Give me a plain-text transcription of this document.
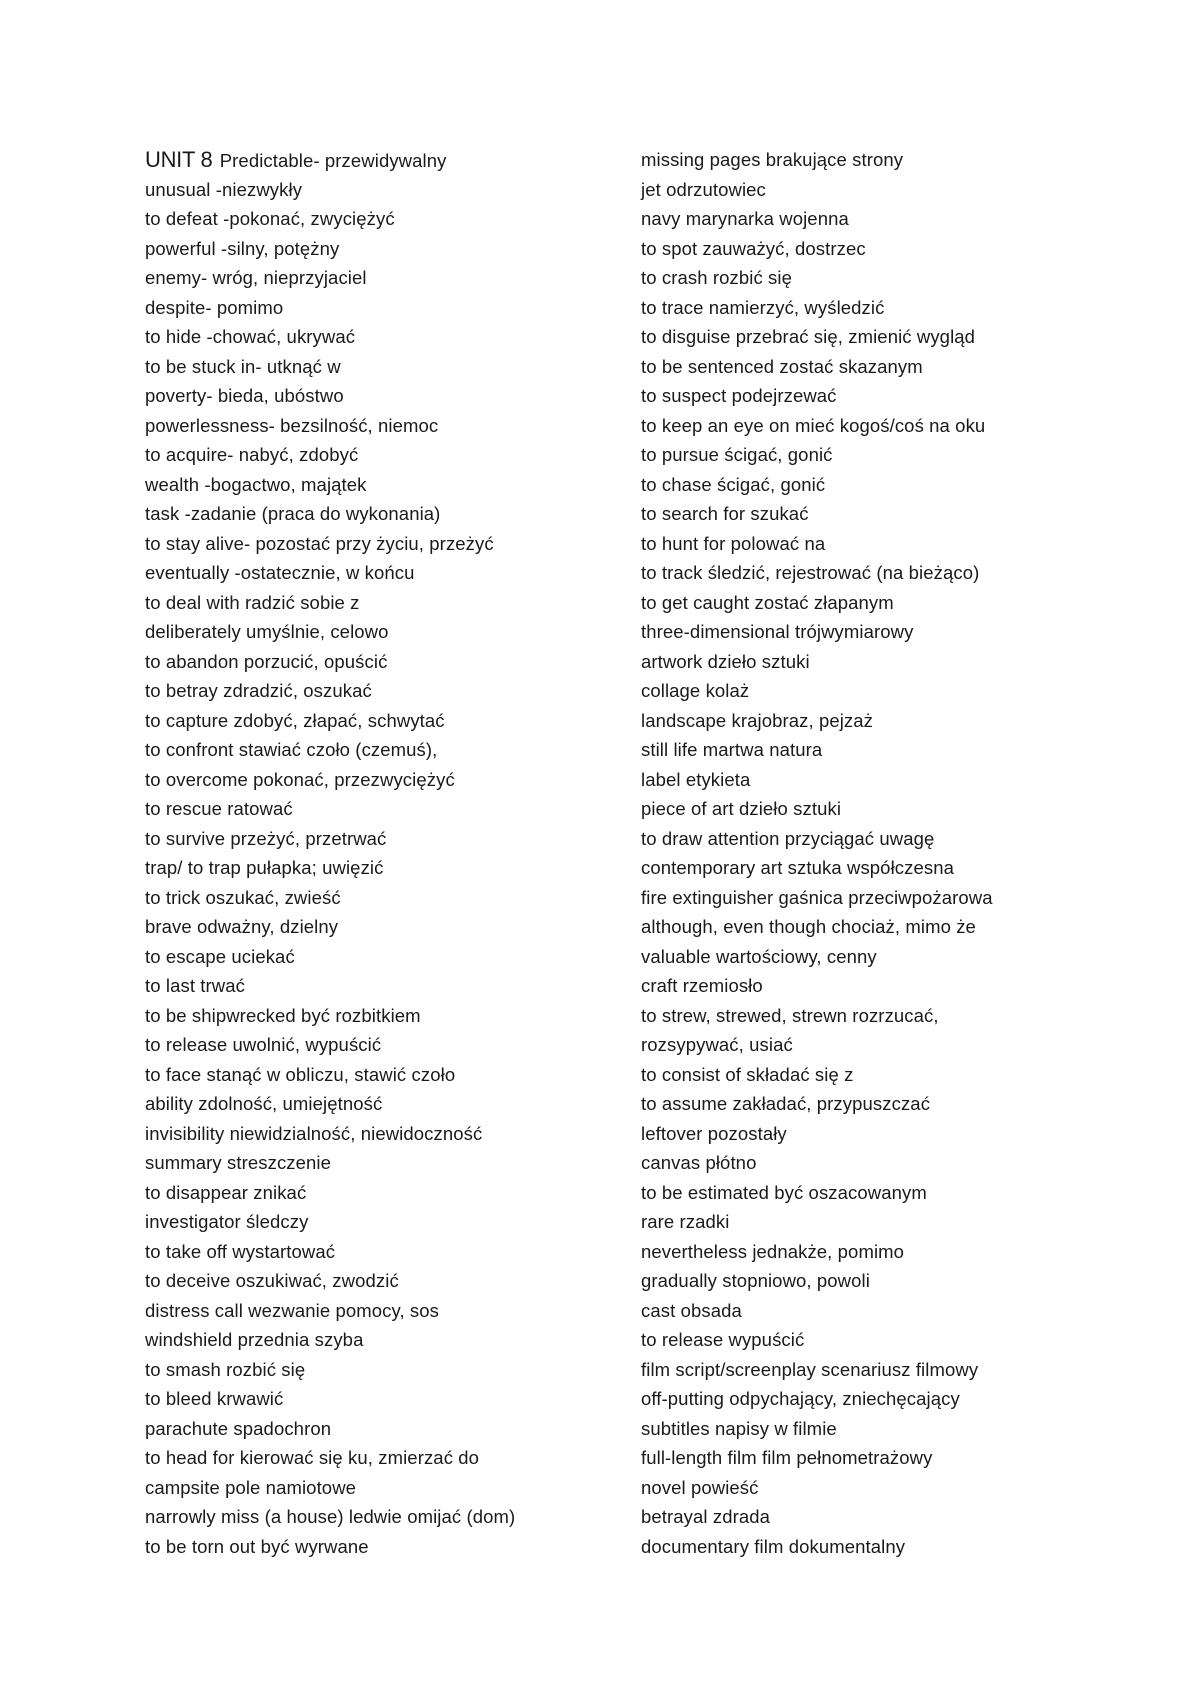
UNIT 8 Predictable- przewidywalny
unusual -niezwykły
to defeat -pokonać, zwyciężyć
powerful -silny, potężny
enemy- wróg, nieprzyjaciel
despite- pomimo
to hide -chować, ukrywać
to be stuck in- utknąć w
poverty- bieda, ubóstwo
powerlessness- bezsilność, niemoc
to acquire- nabyć, zdobyć
wealth -bogactwo, majątek
task -zadanie (praca do wykonania)
to stay alive- pozostać przy życiu, przeżyć
eventually -ostatecznie, w końcu
to deal with radzić sobie z
deliberately umyślnie, celowo
to abandon porzucić, opuścić
to betray zdradzić, oszukać
to capture zdobyć, złapać, schwytać
to confront stawiać czoło (czemuś),
to overcome pokonać, przezwyciężyć
to rescue ratować
to survive przeżyć, przetrwać
trap/ to trap pułapka; uwięzić
to trick oszukać, zwieść
brave odważny, dzielny
to escape uciekać
to last trwać
to be shipwrecked być rozbitkiem
to release uwolnić, wypuścić
to face stanąć w obliczu, stawić czoło
ability zdolność, umiejętność
invisibility niewidzialność, niewidoczność
summary streszczenie
to disappear znikać
investigator śledczy
to take off wystartować
to deceive oszukiwać, zwodzić
distress call wezwanie pomocy, sos
windshield przednia szyba
to smash rozbić się
to bleed krwawić
parachute spadochron
to head for kierować się ku, zmierzać do
campsite pole namiotowe
narrowly miss (a house) ledwie omijać (dom)
to be torn out być wyrwane
missing pages brakujące strony
jet odrzutowiec
navy marynarka wojenna
to spot zauważyć, dostrzec
to crash rozbić się
to trace namierzyć, wyśledzić
to disguise przebrać się, zmienić wygląd
to be sentenced zostać skazanym
to suspect podejrzewać
to keep an eye on mieć kogoś/coś na oku
to pursue ścigać, gonić
to chase ścigać, gonić
to search for szukać
to hunt for polować na
to track śledzić, rejestrować (na bieżąco)
to get caught zostać złapanym
three-dimensional trójwymiarowy
artwork dzieło sztuki
collage kolaż
landscape krajobraz, pejzaż
still life martwa natura
label etykieta
piece of art dzieło sztuki
to draw attention przyciągać uwagę
contemporary art sztuka współczesna
fire extinguisher gaśnica przeciwpożarowa
although, even though chociaż, mimo że
valuable wartościowy, cenny
craft rzemiosło
to strew, strewed, strewn rozrzucać,
rozsypywać, usiać
to consist of składać się z
to assume zakładać, przypuszczać
leftover pozostały
canvas płótno
to be estimated być oszacowanym
rare rzadki
nevertheless jednakże, pomimo
gradually stopniowo, powoli
cast obsada
to release wypuścić
film script/screenplay scenariusz filmowy
off-putting odpychający, zniechęcający
subtitles napisy w filmie
full-length film film pełnometrażowy
novel powieść
betrayal zdrada
documentary film dokumentalny
